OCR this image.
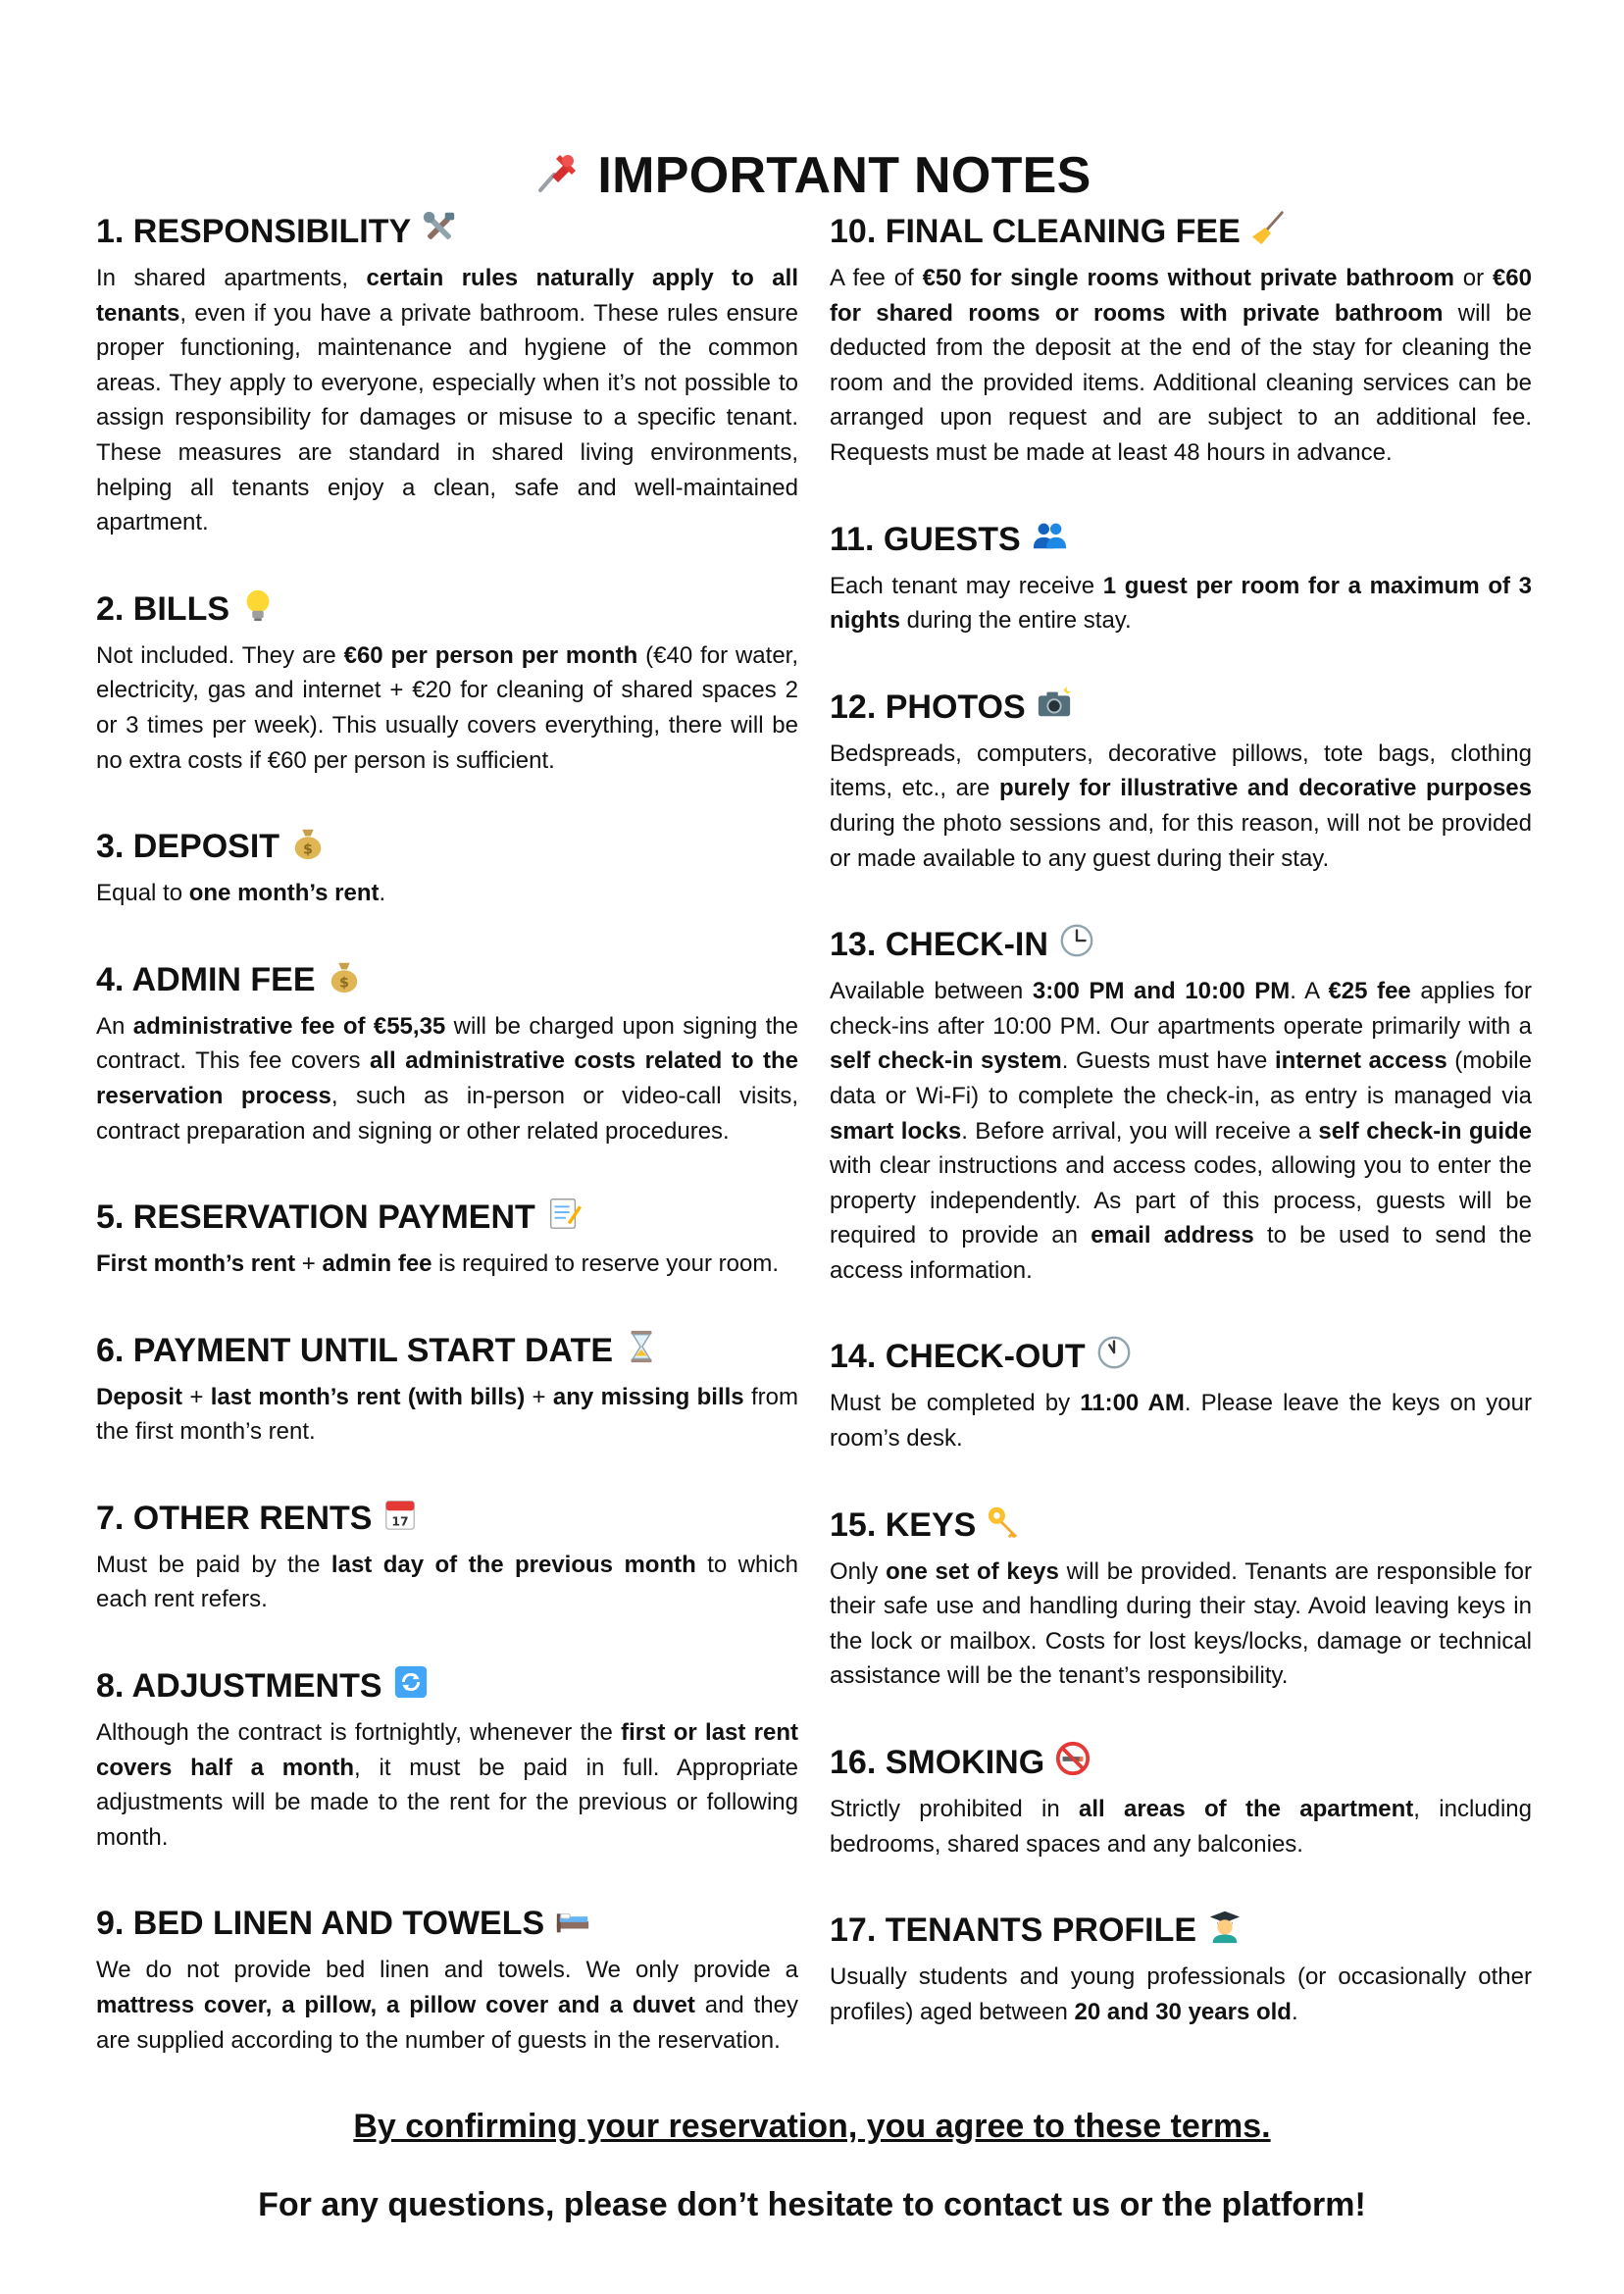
IMPORTANT NOTES
1. RESPONSIBILITY

In shared apartments, certain rules naturally apply to all tenants, even if you have a private bathroom. These rules ensure proper functioning, maintenance and hygiene of the common areas. They apply to everyone, especially when it’s not possible to assign responsibility for damages or misuse to a specific tenant. These measures are standard in shared living environments, helping all tenants enjoy a clean, safe and well-maintained apartment.

2. BILLS

Not included. They are €60 per person per month (€40 for water, electricity, gas and internet + €20 for cleaning of shared spaces 2 or 3 times per week). This usually covers everything, there will be no extra costs if €60 per person is sufficient.

3. DEPOSIT $

Equal to one month’s rent.

4. ADMIN FEE $

An administrative fee of €55,35 will be charged upon signing the contract. This fee covers all administrative costs related to the reservation process, such as in-person or video-call visits, contract preparation and signing or other related procedures.

5. RESERVATION PAYMENT

First month’s rent + admin fee is required to reserve your room.

6. PAYMENT UNTIL START DATE

Deposit + last month’s rent (with bills) + any missing bills from the first month’s rent.

7. OTHER RENTS 17

Must be paid by the last day of the previous month to which each rent refers.

8. ADJUSTMENTS

Although the contract is fortnightly, whenever the first or last rent covers half a month, it must be paid in full. Appropriate adjustments will be made to the rent for the previous or following month.

9. BED LINEN AND TOWELS

We do not provide bed linen and towels. We only provide a mattress cover, a pillow, a pillow cover and a duvet and they are supplied according to the number of guests in the reservation.

10. FINAL CLEANING FEE

A fee of €50 for single rooms without private bathroom or €60 for shared rooms or rooms with private bathroom will be deducted from the deposit at the end of the stay for cleaning the room and the provided items. Additional cleaning services can be arranged upon request and are subject to an additional fee. Requests must be made at least 48 hours in advance.

11. GUESTS

Each tenant may receive 1 guest per room for a maximum of 3 nights during the entire stay.

12. PHOTOS

Bedspreads, computers, decorative pillows, tote bags, clothing items, etc., are purely for illustrative and decorative purposes during the photo sessions and, for this reason, will not be provided or made available to any guest during their stay.

13. CHECK-IN

Available between 3:00 PM and 10:00 PM. A €25 fee applies for check-ins after 10:00 PM. Our apartments operate primarily with a self check-in system. Guests must have internet access (mobile data or Wi-Fi) to complete the check-in, as entry is managed via smart locks. Before arrival, you will receive a self check-in guide with clear instructions and access codes, allowing you to enter the property independently. As part of this process, guests will be required to provide an email address to be used to send the access information.

14. CHECK-OUT

Must be completed by 11:00 AM. Please leave the keys on your room’s desk.

15. KEYS

Only one set of keys will be provided. Tenants are responsible for their safe use and handling during their stay. Avoid leaving keys in the lock or mailbox. Costs for lost keys/locks, damage or technical assistance will be the tenant’s responsibility.

16. SMOKING

Strictly prohibited in all areas of the apartment, including bedrooms, shared spaces and any balconies.

17. TENANTS PROFILE

Usually students and young professionals (or occasionally other profiles) aged between 20 and 30 years old.

By confirming your reservation, you agree to these terms.
For any questions, please don’t hesitate to contact us or the platform!
